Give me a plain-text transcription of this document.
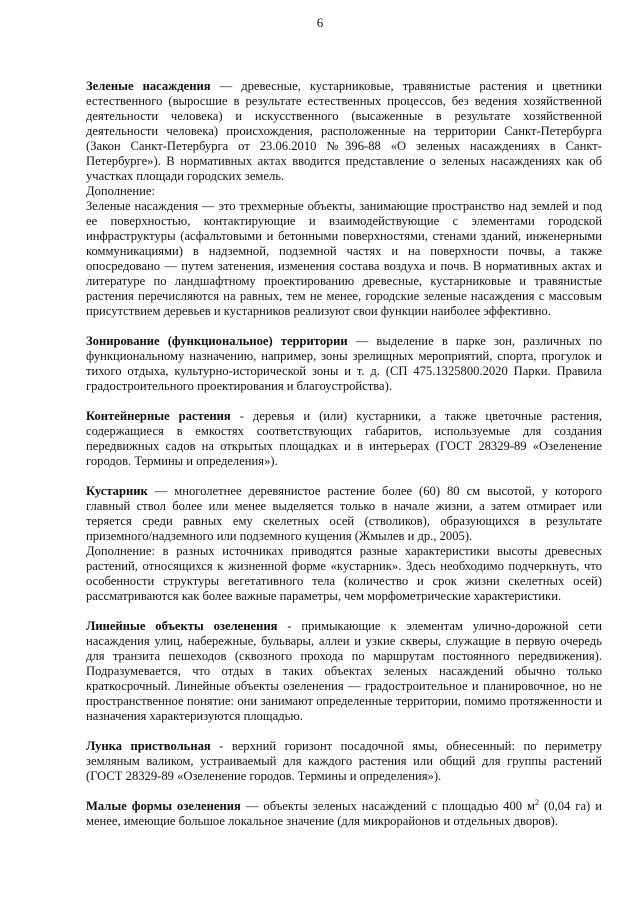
6

Зеленые насаждения — древесные, кустарниковые, травянистые растения и цветники естественного (выросшие в результате естественных процессов, без ведения хозяйственной деятельности человека) и искусственного (высаженные в результате хозяйственной деятельности человека) происхождения, расположенные на территории Санкт-Петербурга (Закон Санкт-Петербурга от 23.06.2010 №396-88 «О зеленых насаждениях в Санкт-Петербурге»). В нормативных актах вводится представление о зеленых насаждениях как об участках площади городских земель.

Дополнение:

Зеленые насаждения — это трехмерные объекты, занимающие пространство над землей и под ее поверхностью, контактирующие и взаимодействующие с элементами городской инфраструктуры (асфальтовыми и бетонными поверхностями, стенами зданий, инженерными коммуникациями) в надземной, подземной частях и на поверхности почвы, а также опосредовано — путем затенения, изменения состава воздуха и почв. В нормативных актах и литературе по ландшафтному проектированию древесные, кустарниковые и травянистые растения перечисляются на равных, тем не менее, городские зеленые насаждения с массовым присутствием деревьев и кустарников реализуют свои функции наиболее эффективно.

Зонирование (функциональное) территории — выделение в парке зон, различных по функциональному назначению, например, зоны зрелищных мероприятий, спорта, прогулок и тихого отдыха, культурно-исторической зоны и т. д. (СП 475.1325800.2020 Парки. Правила градостроительного проектирования и благоустройства).

Контейнерные растения - деревья и (или) кустарники, а также цветочные растения, содержащиеся в емкостях соответствующих габаритов, используемые для создания передвижных садов на открытых площадках и в интерьерах (ГОСТ 28329-89 «Озеленение городов. Термины и определения»).

Кустарник — многолетнее деревянистое растение более (60) 80 см высотой, у которого главный ствол более или менее выделяется только в начале жизни, а затем отмирает или теряется среди равных ему скелетных осей (стволиков), образующихся в результате приземного/надземного или подземного кущения (Жмылев и др., 2005).

Дополнение: в разных источниках приводятся разные характеристики высоты древесных растений, относящихся к жизненной форме «кустарник». Здесь необходимо подчеркнуть, что особенности структуры вегетативного тела (количество и срок жизни скелетных осей) рассматриваются как более важные параметры, чем морфометрические характеристики.

Линейные объекты озеленения - примыкающие к элементам улично-дорожной сети насаждения улиц, набережные, бульвары, аллеи и узкие скверы, служащие в первую очередь для транзита пешеходов (сквозного прохода по маршрутам постоянного передвижения). Подразумевается, что отдых в таких объектах зеленых насаждений обычно только краткосрочный. Линейные объекты озеленения — градостроительное и планировочное, но не пространственное понятие: они занимают определенные территории, помимо протяженности и назначения характеризуются площадью.

Лунка приствольная - верхний горизонт посадочной ямы, обнесенный: по периметру земляным валиком, устраиваемый для каждого растения или общий для группы растений (ГОСТ 28329-89 «Озеленение городов. Термины и определения»).

Малые формы озеленения — объекты зеленых насаждений с площадью 400 $м^2$ (0,04 га) и менее, имеющие большое локальное значение (для микрорайонов и отдельных дворов).
